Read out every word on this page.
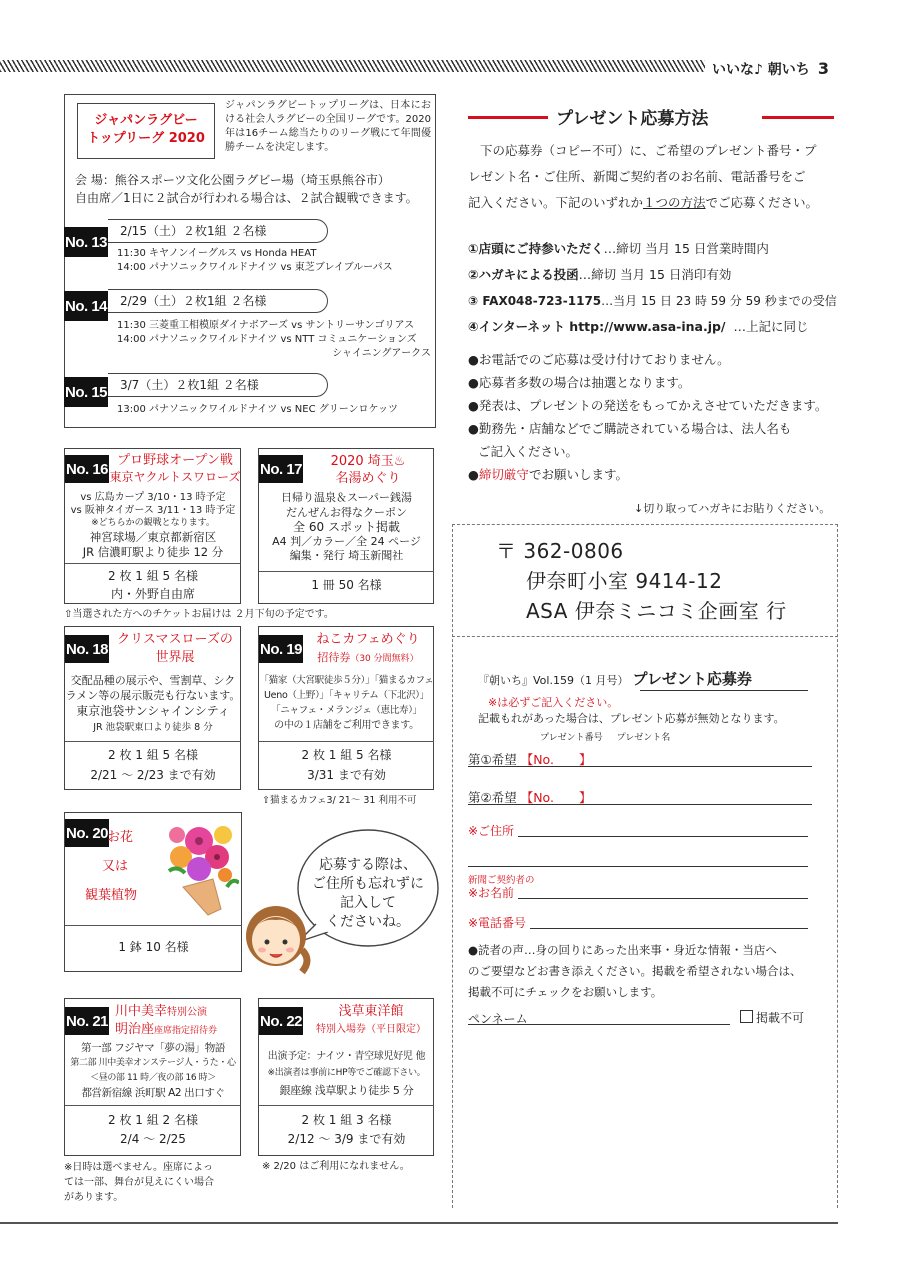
いいな♪ 朝いち 3
ジャパンラグビー
トップリーグ 2020
ジャパンラグビートップリーグは、日本における社会人ラグビーの全国リーグです。2020 年は16チーム総当たりのリーグ戦にて年間優勝チームを決定します。
会 場：熊谷スポーツ文化公園ラグビー場（埼玉県熊谷市）
自由席／1日に２試合が行われる場合は、２試合観戦できます。
No. 13
2/15（土）２枚1組 ２名様
11:30 キヤノンイーグルス vs Honda HEAT
14:00 パナソニックワイルドナイツ vs 東芝ブレイブルーパス
No. 14	2/29（土）２枚1組 ２名様
11:30 三菱重工相模原ダイナボアーズ vs サントリーサンゴリアス
14:00 パナソニックワイルドナイツ vs NTT コミュニケーションズ
シャイニングアークス
No. 15	3/7（土）２枚1組 ２名様
13:00 パナソニックワイルドナイツ vs NEC グリーンロケッツ
No. 16 プロ野球オープン戦
東京ヤクルトスワローズ
vs 広島カープ 3/10・13 時予定
vs 阪神タイガース 3/11・13 時予定
※どちらかの観戦となります。
神宮球場／東京都新宿区
JR 信濃町駅より徒歩 12 分
2 枚 1 組 5 名様
内・外野自由席
No. 17	2020 埼玉♨
名湯めぐり
日帰り温泉＆スーパー銭湯
だんぜんお得なクーポン
全 60 スポット掲載
A4 判／カラー／全 24 ページ
編集・発行 埼玉新聞社
1 冊 50 名様
⇧当選された方へのチケットお届けは ２月下旬の予定です。
No. 18
クリスマスローズの
世界展
交配品種の展示や、雪割草、シク
ラメン等の展示販売も行ないます。
東京池袋サンシャインシティ
JR 池袋駅東口より徒歩 8 分
2 枚 1 組 5 名様
2/21 ～ 2/23 まで有効
No. 19
ねこカフェめぐり
招待券（30 分間無料）
「猫家（大宮駅徒歩５分）」「猫まるカフェ
Ueno（上野）」「キャリテム（下北沢）」
「ニャフェ・メランジェ（恵比寿）」
の中の１店舗をご利用できます。
2 枚 1 組 5 名様
3/31 まで有効
⇧猫まるカフェ3/ 21～ 31 利用不可
No. 20
お花
又は
観葉植物
1 鉢 10 名様
応募する際は、
ご住所も忘れずに
記入して
くださいね。
No. 21
川中美幸特別公演
明治座座席指定招待券
第一部 フジヤマ「夢の湯」物語
第二部 川中美幸オンステージ人・うた・心
＜昼の部 11 時／夜の部 16 時＞
都営新宿線 浜町駅 A2 出口すぐ
2 枚 1 組 2 名様
2/4 ～ 2/25
※日時は選べません。座席によっ
ては一部、舞台が見えにくい場合
があります。
No. 22
浅草東洋館
特別入場券（平日限定）
出演予定：ナイツ・青空球児好児 他
※出演者は事前にHP等でご確認下さい。
銀座線 浅草駅より徒歩 5 分
2 枚 1 組 3 名様
2/12 ～ 3/9 まで有効
※ 2/20 はご利用になれません。
プレゼント応募方法
下の応募券（コピー不可）に、ご希望のプレゼント番号・プ
レゼント名・ご住所、新聞ご契約者のお名前、電話番号をご
記入ください。下記のいずれか１つの方法でご応募ください。
①店頭にご持参いただく…締切 当月 15 日営業時間内
②ハガキによる投函…締切 当月 15 日消印有効
③ FAX048-723-1175…当月 15 日 23 時 59 分 59 秒までの受信
④インターネット http://www.asa-ina.jp/ …上記に同じ
●お電話でのご応募は受け付けておりません。
●応募者多数の場合は抽選となります。
●発表は、プレゼントの発送をもってかえさせていただきます。
●勤務先・店舗などでご購読されている場合は、法人名も
ご記入ください。
●締切厳守でお願いします。
↓切り取ってハガキにお貼りください。
〒 362-0806
伊奈町小室 9414-12
ASA 伊奈ミニコミ企画室 行
『朝いち』Vol.159（1 月号） プレゼント応募券
※は必ずご記入ください。
記載もれがあった場合は、プレゼント応募が無効となります。
プレゼント番号 プレゼント名
第①希望 【No.　　】
第②希望 【No.　　】
※ご住所
新聞ご契約者の
※お名前
※電話番号
●読者の声…身の回りにあった出来事・身近な情報・当店へ
のご要望などお書き添えください。掲載を希望されない場合は、
掲載不可にチェックをお願いします。
ペンネーム	掲載不可
